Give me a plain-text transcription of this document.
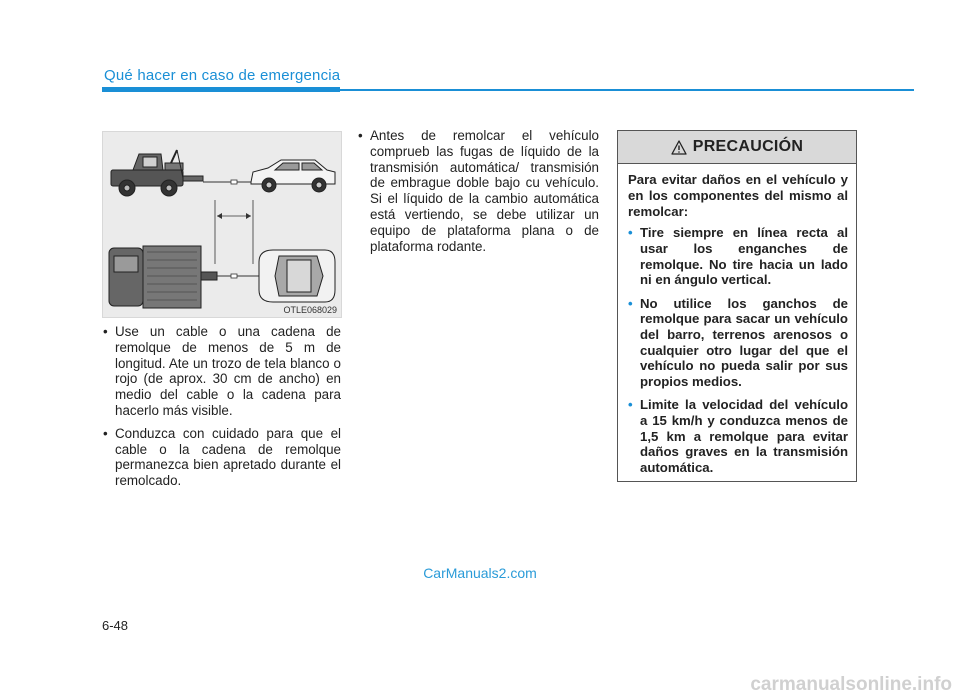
Qué hacer en caso de emergencia
OTLE068029
• Use un cable o una cadena de remolque de menos de 5 m de longitud. Ate un trozo de tela blanco o rojo (de aprox. 30 cm de ancho) en medio del cable o la cadena para hacerlo más visible.
• Conduzca con cuidado para que el cable o la cadena de remolque permanezca bien apretado durante el remolcado.
• Antes de remolcar el vehículo comprueb las fugas de líquido de la transmisión automática/ transmisión de embrague doble bajo cu vehículo. Si el líquido de la cambio automática está vertiendo, se debe utilizar un equipo de plataforma plana o de plataforma rodante.
PRECAUCIÓN

Para evitar daños en el vehículo y en los componentes del mismo al remolcar:

• Tire siempre en línea recta al usar los enganches de remolque. No tire hacia un lado ni en ángulo vertical.
• No utilice los ganchos de remolque para sacar un vehículo del barro, terrenos arenosos o cualquier otro lugar del que el vehículo no pueda salir por sus propios medios.
• Limite la velocidad del vehículo a 15 km/h y conduzca menos de 1,5 km a remolque para evitar daños graves en la transmisión automática.
CarManuals2.com
6-48
carmanualsonline.info
